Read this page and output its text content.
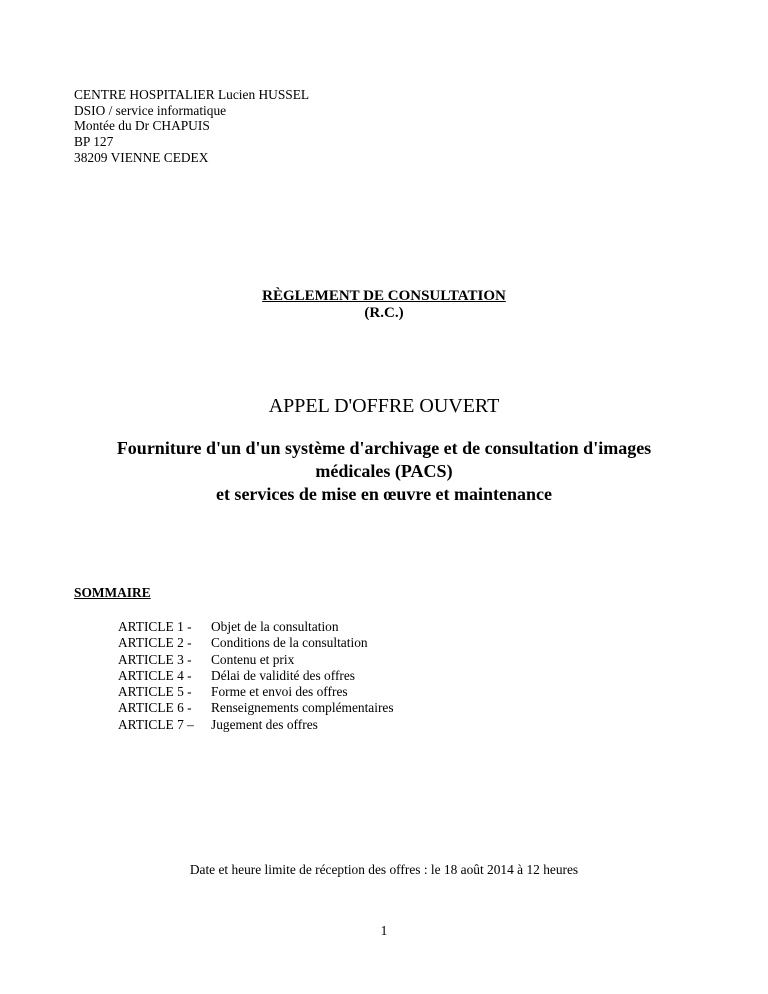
CENTRE HOSPITALIER Lucien HUSSEL
DSIO / service informatique
Montée du Dr CHAPUIS
BP 127
38209 VIENNE CEDEX
RÈGLEMENT DE CONSULTATION
(R.C.)
APPEL D'OFFRE OUVERT
Fourniture d'un d'un système d'archivage et de consultation d'images
médicales (PACS)
et services de mise en œuvre et maintenance
SOMMAIRE
ARTICLE 1 -	Objet de la consultation
ARTICLE 2 -	Conditions de la consultation
ARTICLE 3 -	Contenu et prix
ARTICLE 4 -	Délai de validité des offres
ARTICLE 5 -	Forme et envoi des offres
ARTICLE 6 -	Renseignements complémentaires
ARTICLE 7 –	Jugement des offres
Date et heure limite de réception des offres : le 18 août 2014 à 12 heures
1
